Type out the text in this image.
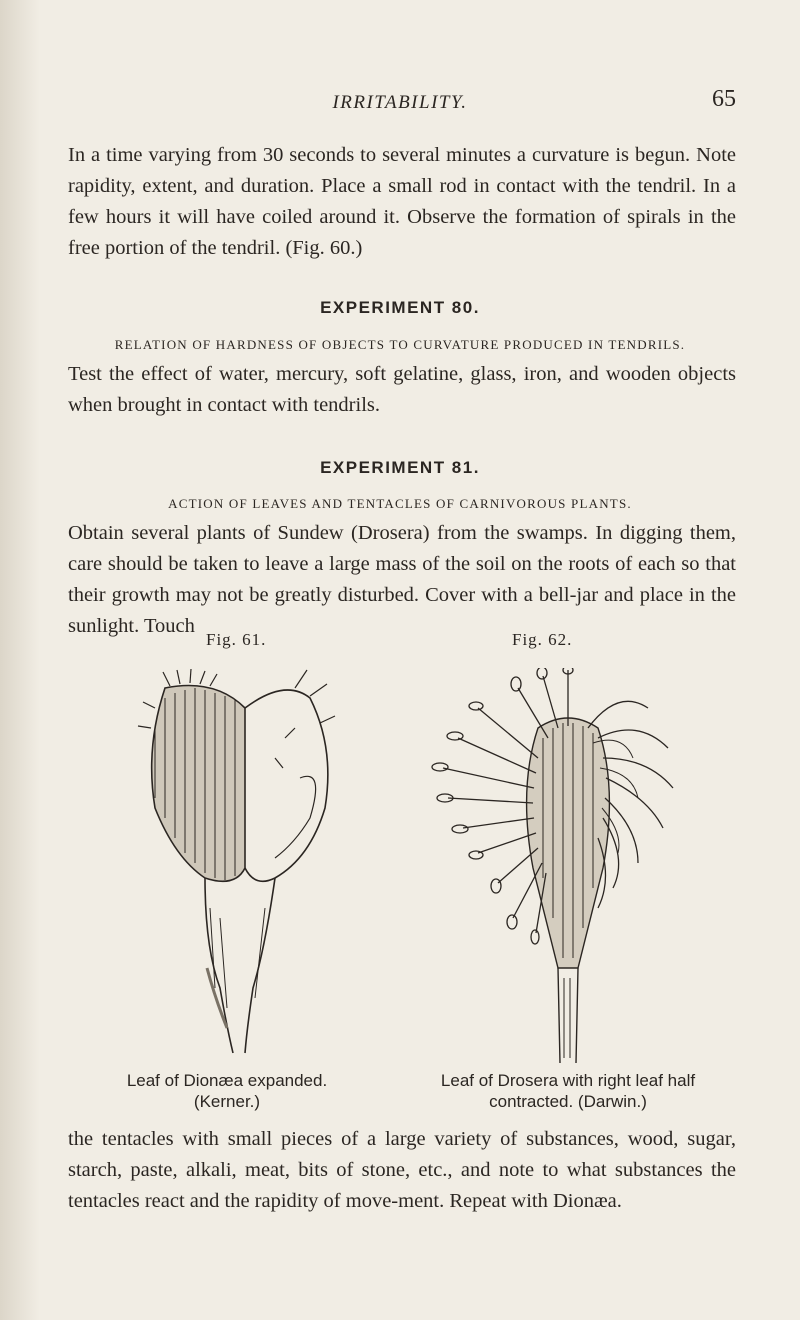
IRRITABILITY.	65

In a time varying from 30 seconds to several minutes a curvature is begun. Note rapidity, extent, and duration. Place a small rod in contact with the tendril. In a few hours it will have coiled around it. Observe the formation of spirals in the free portion of the tendril. (Fig. 60.)

EXPERIMENT 80.
RELATION OF HARDNESS OF OBJECTS TO CURVATURE PRODUCED IN TENDRILS.

Test the effect of water, mercury, soft gelatine, glass, iron, and wooden objects when brought in contact with tendrils.

EXPERIMENT 81.
ACTION OF LEAVES AND TENTACLES OF CARNIVOROUS PLANTS.

Obtain several plants of Sundew (Drosera) from the swamps. In digging them, care should be taken to leave a large mass of the soil on the roots of each so that their growth may not be greatly disturbed. Cover with a bell-jar and place in the sunlight. Touch

Fig. 61.	Fig. 62.
Leaf of Dionæa expanded.
(Kerner.)
Leaf of Drosera with right leaf half
contracted. (Darwin.)

the tentacles with small pieces of a large variety of substances, wood, sugar, starch, paste, alkali, meat, bits of stone, etc., and note to what substances the tentacles react and the rapidity of move-ment. Repeat with Dionæa.
